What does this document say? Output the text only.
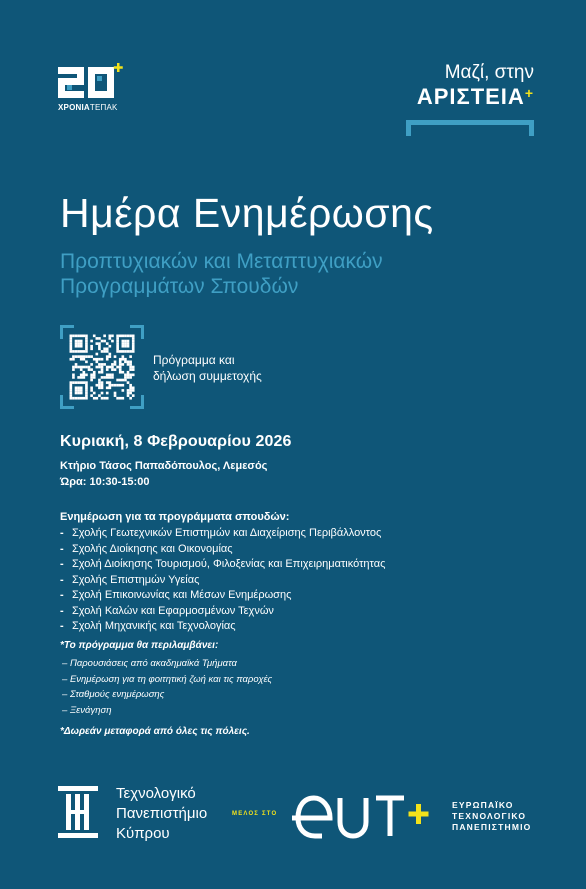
ΧΡΟΝΙΑΤΕΠΑΚ
Μαζί, στην
ΑΡΙΣΤΕΙΑ+
Ημέρα Ενημέρωσης
Προπτυχιακών και Μεταπτυχιακών
Προγραμμάτων Σπουδών
Πρόγραμμα και
δήλωση συμμετοχής
Κυριακή, 8 Φεβρουαρίου 2026
Κτήριο Τάσος Παπαδόπουλος, Λεμεσός
Ώρα: 10:30-15:00
Ενημέρωση για τα προγράμματα σπουδών:
- Σχολής Γεωτεχνικών Επιστημών και Διαχείρισης Περιβάλλοντος
- Σχολής Διοίκησης και Οικονομίας
- Σχολή Διοίκησης Τουρισμού, Φιλοξενίας και Επιχειρηματικότητας
- Σχολής Επιστημών Υγείας
- Σχολή Επικοινωνίας και Μέσων Ενημέρωσης
- Σχολή Καλών και Εφαρμοσμένων Τεχνών
- Σχολή Μηχανικής και Τεχνολογίας
*Το πρόγραμμα θα περιλαμβάνει:
– Παρουσιάσεις από ακαδημαϊκά Τμήματα
– Ενημέρωση για τη φοιτητική ζωή και τις παροχές
– Σταθμούς ενημέρωσης
– Ξενάγηση
*Δωρεάν μεταφορά από όλες τις πόλεις.
Τεχνολογικό
Πανεπιστήμιο
Κύπρου
ΜΕΛΟΣ ΣΤΟ
ΕΥΡΩΠΑΪΚΟ
ΤΕΧΝΟΛΟΓΙΚΟ
ΠΑΝΕΠΙΣΤΗΜΙΟ
